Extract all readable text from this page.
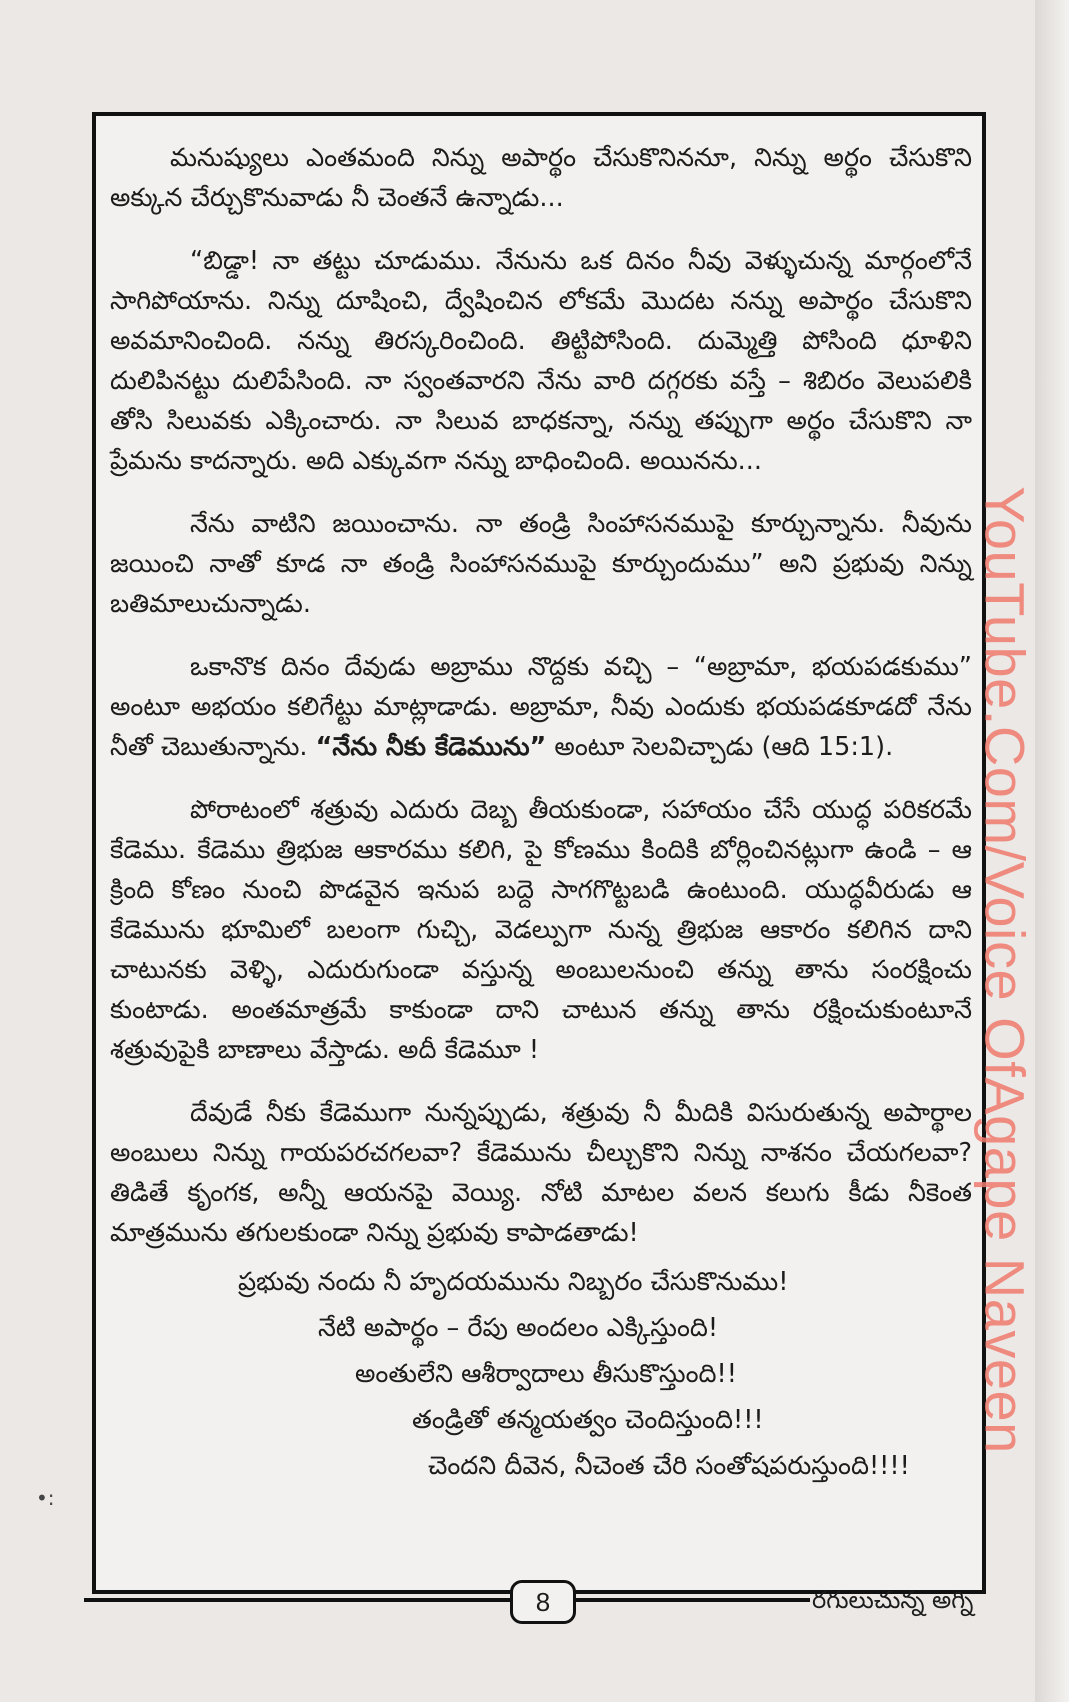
మనుష్యులు ఎంతమంది నిన్ను అపార్థం చేసుకొనిననూ, నిన్ను అర్థం చేసుకొని అక్కున చేర్చుకొనువాడు నీ చెంతనే ఉన్నాడు...

“బిడ్డా! నా తట్టు చూడుము. నేనును ఒక దినం నీవు వెళ్ళుచున్న మార్గంలోనే సాగిపోయాను. నిన్ను దూషించి, ద్వేషించిన లోకమే మొదట నన్ను అపార్థం చేసుకొని అవమానించింది. నన్ను తిరస్కరించింది. తిట్టిపోసింది. దుమ్మెత్తి పోసింది ధూళిని దులిపినట్టు దులిపేసింది. నా స్వంతవారని నేను వారి దగ్గరకు వస్తే – శిబిరం వెలుపలికి తోసి సిలువకు ఎక్కించారు. నా సిలువ బాధకన్నా, నన్ను తప్పుగా అర్థం చేసుకొని నా ప్రేమను కాదన్నారు. అది ఎక్కువగా నన్ను బాధించింది. అయినను...

నేను వాటిని జయించాను. నా తండ్రి సింహాసనముపై కూర్చున్నాను. నీవును జయించి నాతో కూడ నా తండ్రి సింహాసనముపై కూర్చుందుము” అని ప్రభువు నిన్ను బతిమాలుచున్నాడు.

ఒకానొక దినం దేవుడు అబ్రాము నొద్దకు వచ్చి – “అబ్రామా, భయపడకుము” అంటూ అభయం కలిగేట్టు మాట్లాడాడు. అబ్రామా, నీవు ఎందుకు భయపడకూడదో నేను నీతో చెబుతున్నాను. “నేను నీకు కేడెమును” అంటూ సెలవిచ్చాడు (ఆది 15:1).

పోరాటంలో శత్రువు ఎదురు దెబ్బ తీయకుండా, సహాయం చేసే యుద్ధ పరికరమే కేడెము. కేడెము త్రిభుజ ఆకారము కలిగి, పై కోణము కిందికి బోర్లించినట్లుగా ఉండి – ఆ క్రింది కోణం నుంచి పొడవైన ఇనుప బద్దె సాగగొట్టబడి ఉంటుంది. యుద్ధవీరుడు ఆ కేడెమును భూమిలో బలంగా గుచ్చి, వెడల్పుగా నున్న త్రిభుజ ఆకారం కలిగిన దాని చాటునకు వెళ్ళి, ఎదురుగుండా వస్తున్న అంబులనుంచి తన్ను తాను సంరక్షించు కుంటాడు. అంతమాత్రమే కాకుండా దాని చాటున తన్ను తాను రక్షించుకుంటూనే శత్రువుపైకి బాణాలు వేస్తాడు. అదీ కేడెమూ !

దేవుడే నీకు కేడెముగా నున్నప్పుడు, శత్రువు నీ మీదికి విసురుతున్న అపార్థాల అంబులు నిన్ను గాయపరచగలవా? కేడెమును చీల్చుకొని నిన్ను నాశనం చేయగలవా? తిడితే కృంగక, అన్నీ ఆయనపై వెయ్యి. నోటి మాటల వలన కలుగు కీడు నీకెంత మాత్రమును తగులకుండా నిన్ను ప్రభువు కాపాడతాడు!

ప్రభువు నందు నీ హృదయమును నిబ్బరం చేసుకొనుము!
నేటి అపార్థం – రేపు అందలం ఎక్కిస్తుంది!
అంతులేని ఆశీర్వాదాలు తీసుకొస్తుంది!!
తండ్రితో తన్మయత్వం చెందిస్తుంది!!!
చెందని దీవెన, నీచెంత చేరి సంతోషపరుస్తుంది!!!!
YouTube.Com/Voice OfAgape Naveen
•:
8	రగులుచున్న అగ్ని
